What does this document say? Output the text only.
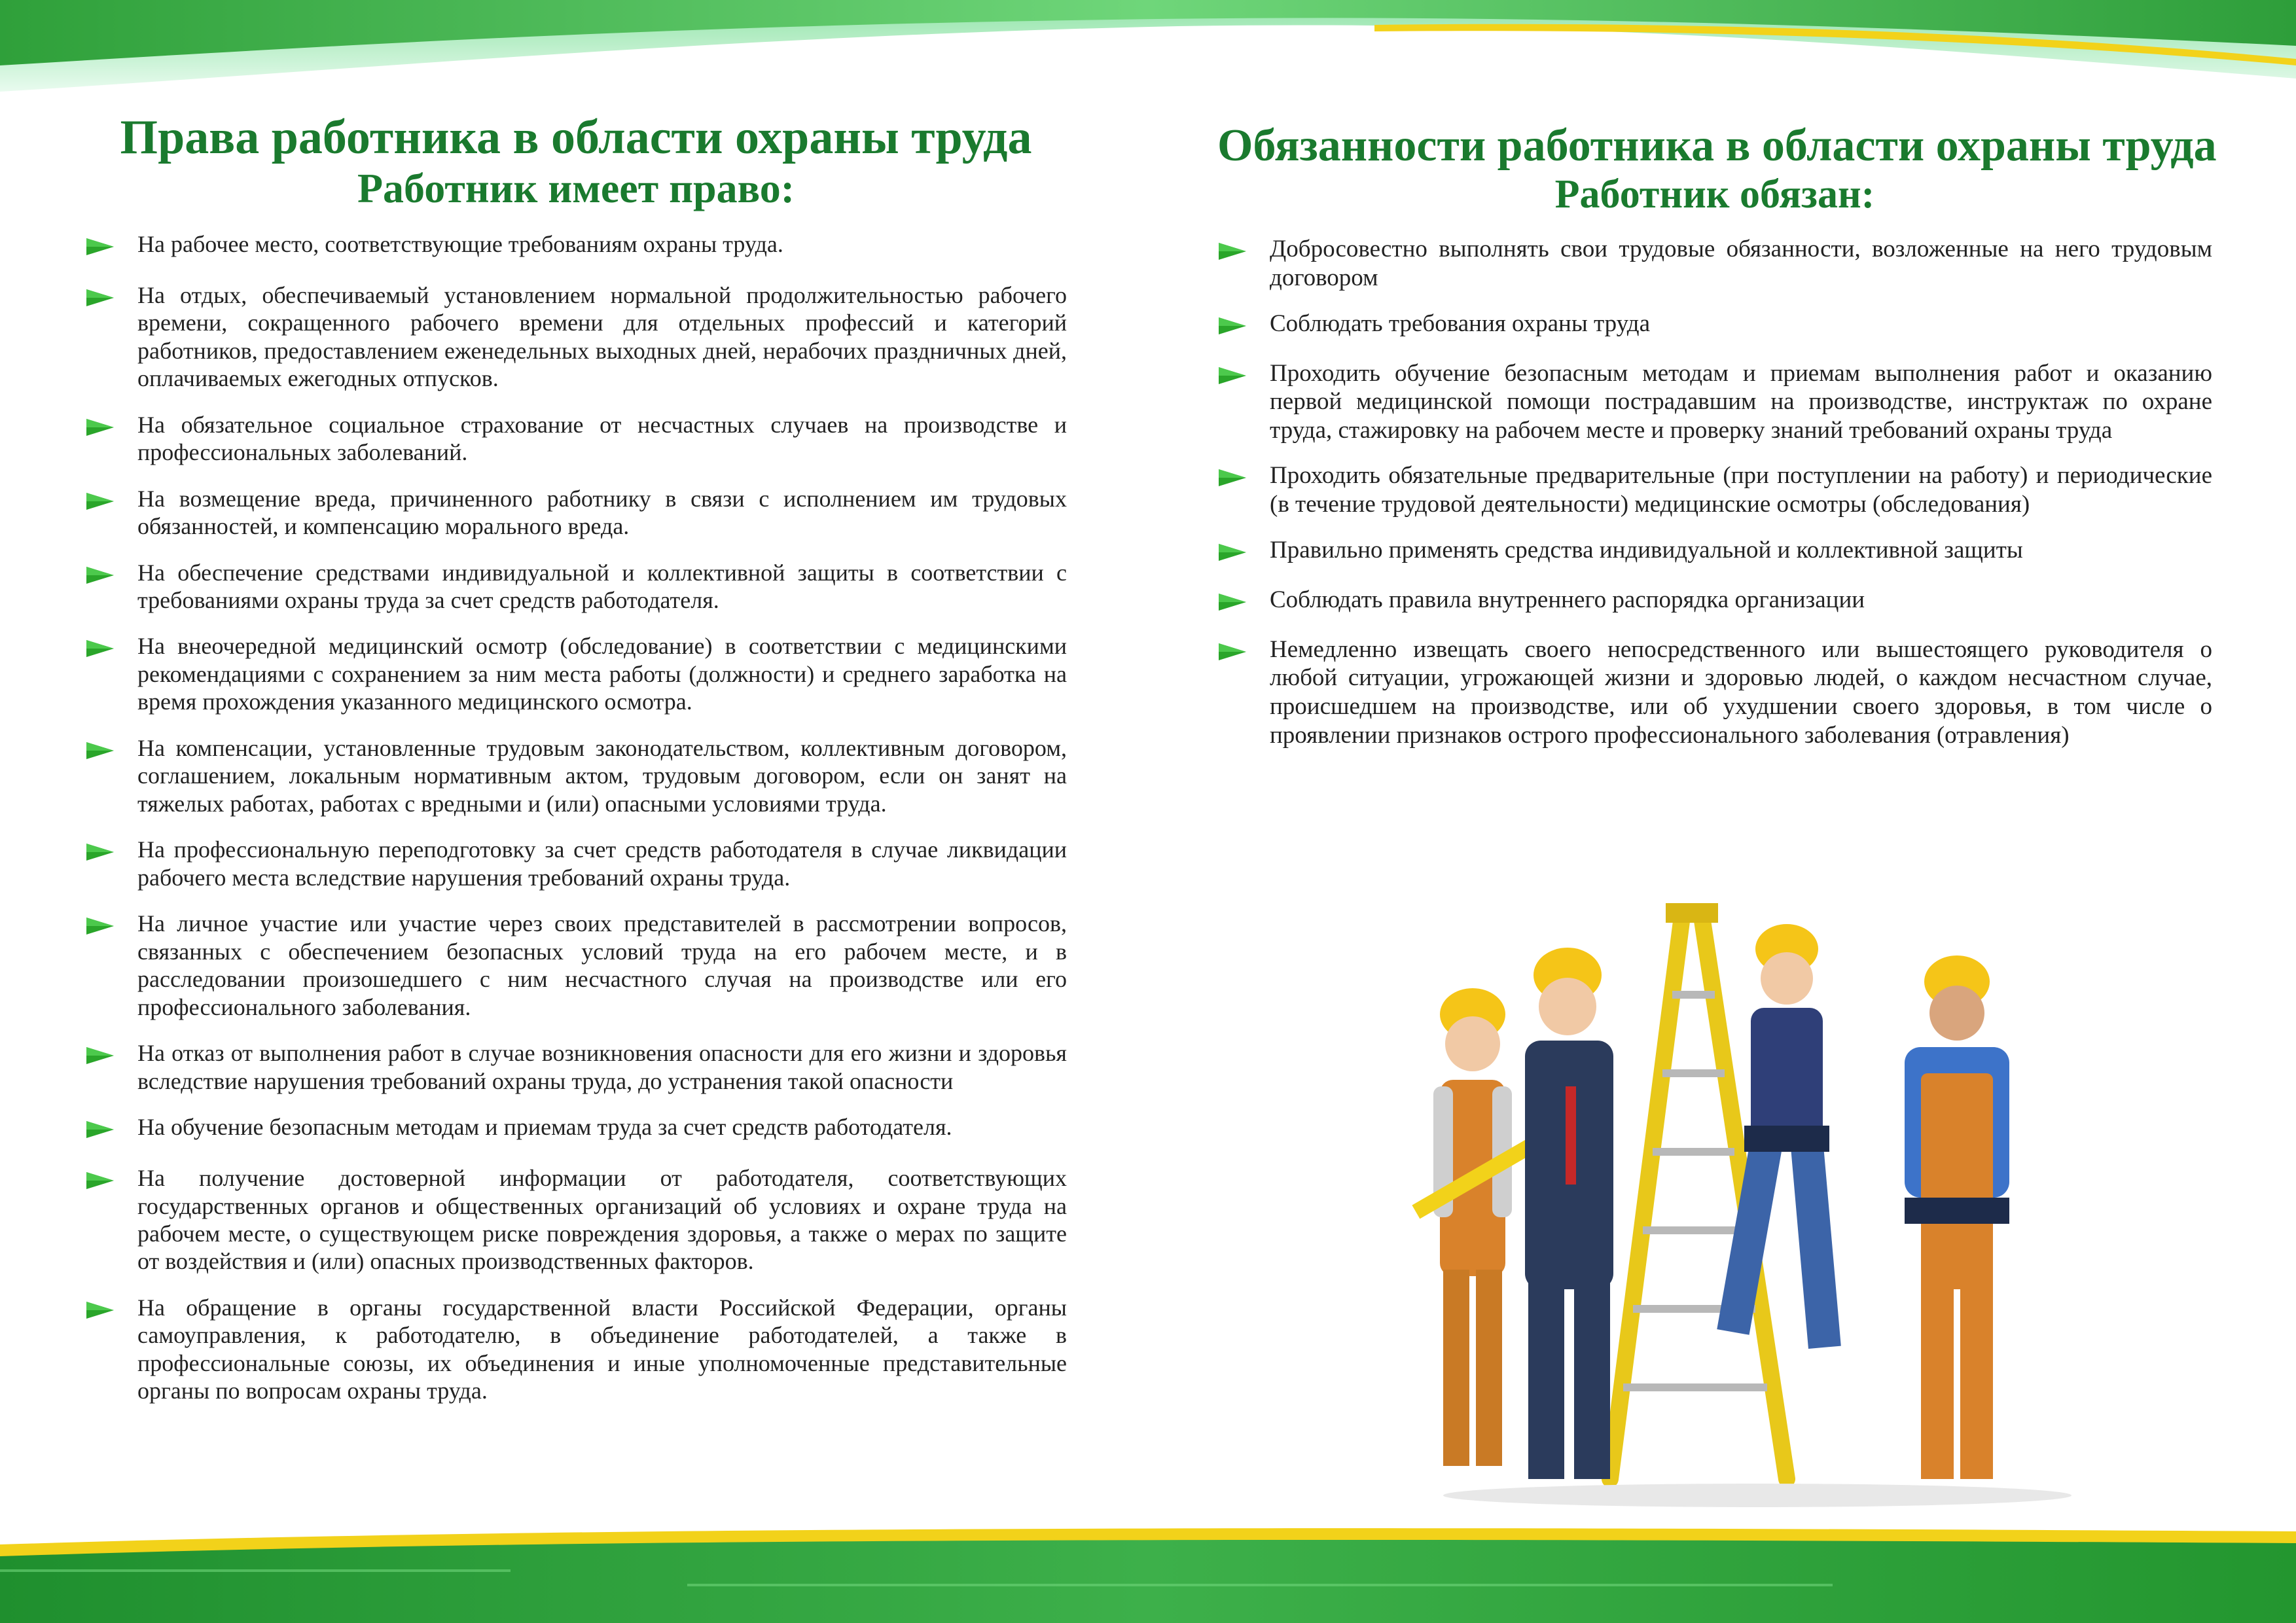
Права работника в области охраны труда
Работник имеет право:
На рабочее место, соответствующие требованиям охраны труда.
На отдых, обеспечиваемый установлением нормальной продолжительностью рабочего времени, сокращенного рабочего времени для отдельных профессий и категорий работников, предоставлением еженедельных выходных дней, нерабочих праздничных дней, оплачиваемых ежегодных отпусков.
На обязательное социальное страхование от несчастных случаев на производстве и профессиональных заболеваний.
На возмещение вреда, причиненного работнику в связи с исполнением им трудовых обязанностей, и компенсацию морального вреда.
На обеспечение средствами индивидуальной и коллективной защиты в соответствии с требованиями охраны труда за счет средств работодателя.
На внеочередной медицинский осмотр (обследование) в соответствии с медицинскими рекомендациями с сохранением за ним места работы (должности) и среднего заработка на время прохождения указанного медицинского осмотра.
На компенсации, установленные трудовым законодательством, коллективным договором, соглашением, локальным нормативным актом, трудовым договором, если он занят на тяжелых работах, работах с вредными и (или) опасными условиями труда.
На профессиональную переподготовку за счет средств работодателя в случае ликвидации рабочего места вследствие нарушения требований охраны труда.
На личное участие или участие через своих представителей в рассмотрении вопросов, связанных с обеспечением безопасных условий труда на его рабочем месте, и в расследовании произошедшего с ним несчастного случая на производстве или его профессионального заболевания.
На отказ от выполнения работ в случае возникновения опасности для его жизни и здоровья вследствие нарушения требований охраны труда, до устранения такой опасности
На обучение безопасным методам и приемам труда за счет средств работодателя.
На получение достоверной информации от работодателя, соответствующих государственных органов и общественных организаций об условиях и охране труда на рабочем месте, о существующем риске повреждения здоровья, а также о мерах по защите от воздействия и (или) опасных производственных факторов.
На обращение в органы государственной власти Российской Федерации, органы самоуправления, к работодателю, в объединение работодателей, а также в профессиональные союзы, их объединения и иные уполномоченные представительные органы по вопросам охраны труда.
Обязанности работника в области охраны труда
Работник обязан:
Добросовестно выполнять свои трудовые обязанности, возложенные на него трудовым договором
Соблюдать требования охраны труда
Проходить обучение безопасным методам и приемам выполнения работ и оказанию первой медицинской помощи пострадавшим на производстве, инструктаж по охране труда, стажировку на рабочем месте и проверку знаний требований охраны труда
Проходить обязательные предварительные (при поступлении на работу) и периодические (в течение трудовой деятельности) медицинские осмотры (обследования)
Правильно применять средства индивидуальной и коллективной защиты
Соблюдать правила внутреннего распорядка организации
Немедленно извещать своего непосредственного или вышестоящего руководителя о любой ситуации, угрожающей жизни и здоровью людей, о каждом несчастном случае, происшедшем на производстве, или об ухудшении своего здоровья, в том числе о проявлении признаков острого профессионального заболевания (отравления)
